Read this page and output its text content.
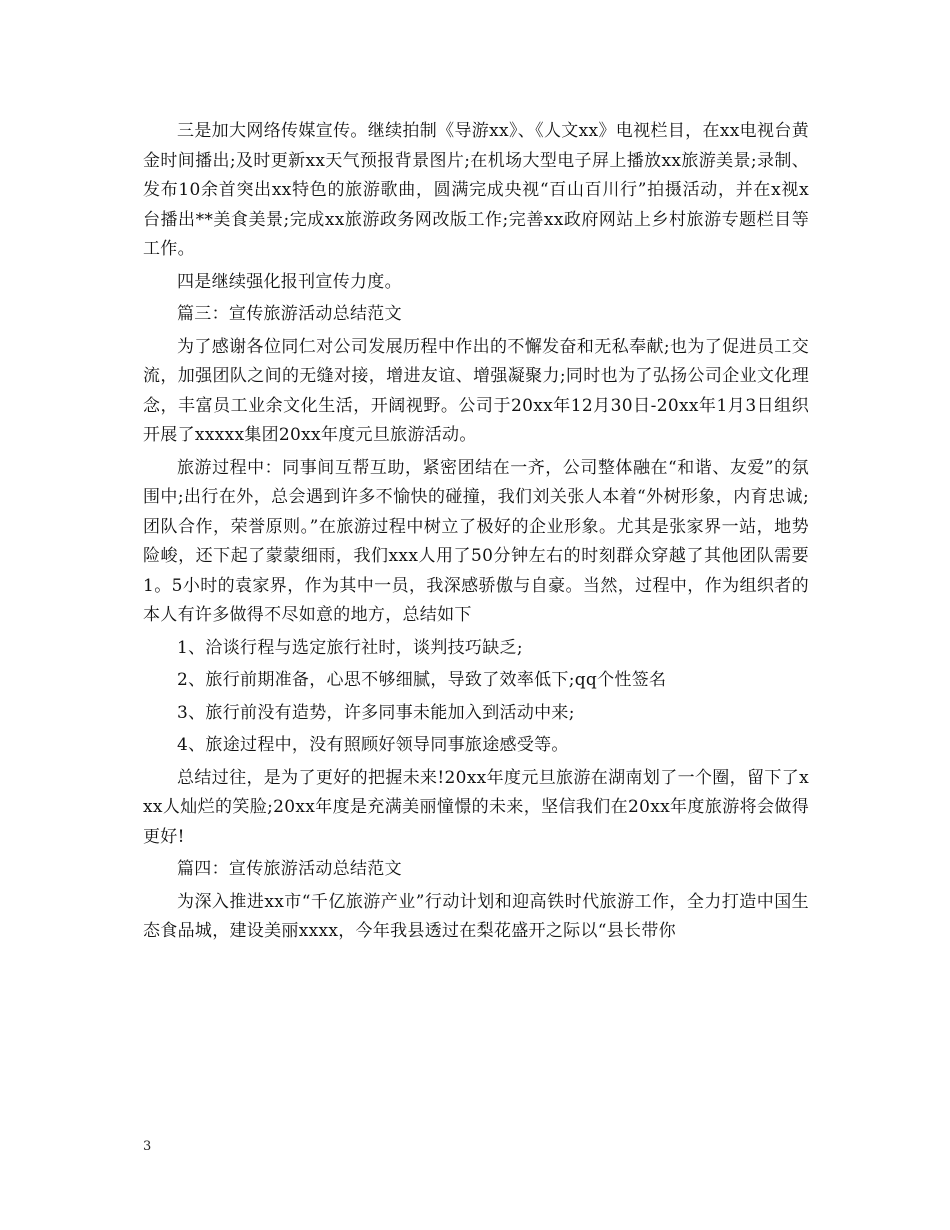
三是加大网络传媒宣传。继续拍制《导游xx》、《人文xx》电视栏目，在xx电视台黄金时间播出;及时更新xx天气预报背景图片;在机场大型电子屏上播放xx旅游美景;录制、发布10余首突出xx特色的旅游歌曲，圆满完成央视“百山百川行”拍摄活动，并在x视x台播出**美食美景;完成xx旅游政务网改版工作;完善xx政府网站上乡村旅游专题栏目等工作。

四是继续强化报刊宣传力度。

篇三：宣传旅游活动总结范文

为了感谢各位同仁对公司发展历程中作出的不懈发奋和无私奉献;也为了促进员工交流，加强团队之间的无缝对接，增进友谊、增强凝聚力;同时也为了弘扬公司企业文化理念，丰富员工业余文化生活，开阔视野。公司于20xx年12月30日-20xx年1月3日组织开展了xxxxx集团20xx年度元旦旅游活动。

旅游过程中：同事间互帮互助，紧密团结在一齐，公司整体融在“和谐、友爱”的氛围中;出行在外，总会遇到许多不愉快的碰撞，我们刘关张人本着“外树形象，内育忠诚;团队合作，荣誉原则。”在旅游过程中树立了极好的企业形象。尤其是张家界一站，地势险峻，还下起了蒙蒙细雨，我们xxx人用了50分钟左右的时刻群众穿越了其他团队需要1。5小时的袁家界，作为其中一员，我深感骄傲与自豪。当然，过程中，作为组织者的本人有许多做得不尽如意的地方，总结如下

1、洽谈行程与选定旅行社时，谈判技巧缺乏;

2、旅行前期准备，心思不够细腻，导致了效率低下;qq个性签名

3、旅行前没有造势，许多同事未能加入到活动中来;

4、旅途过程中，没有照顾好领导同事旅途感受等。

总结过往，是为了更好的把握未来!20xx年度元旦旅游在湖南划了一个圈，留下了xxx人灿烂的笑脸;20xx年度是充满美丽憧憬的未来，坚信我们在20xx年度旅游将会做得更好!

篇四：宣传旅游活动总结范文

为深入推进xx市“千亿旅游产业”行动计划和迎高铁时代旅游工作，全力打造中国生态食品城，建设美丽xxxx，今年我县透过在梨花盛开之际以“县长带你

3
